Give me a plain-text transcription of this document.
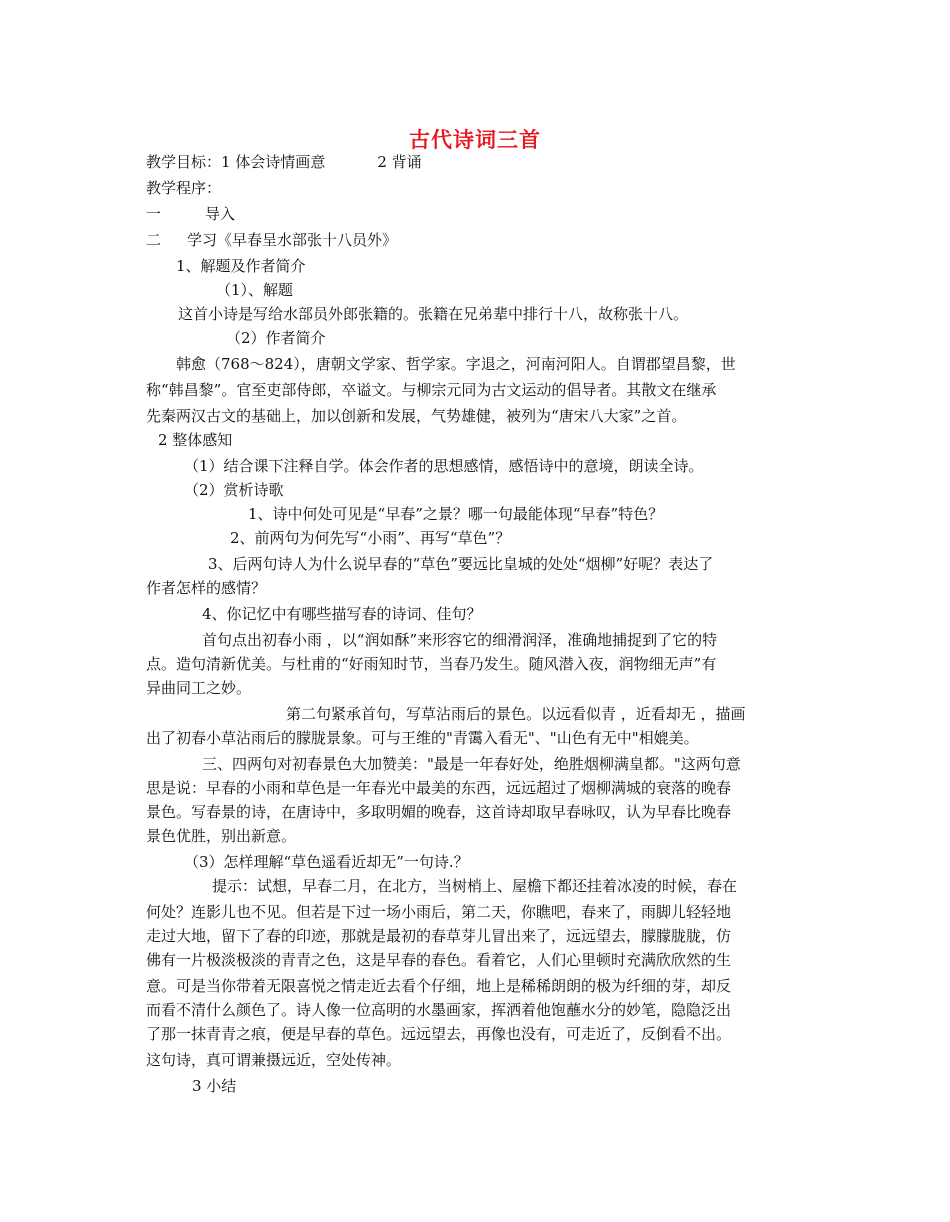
古代诗词三首
教学目标：1 体会诗情画意	2 背诵
教学程序：
一	导入
二 学习《早春呈水部张十八员外》
1、解题及作者简介
（1）、解题
这首小诗是写给水部员外郎张籍的。张籍在兄弟辈中排行十八，故称张十八。
（2）作者简介
韩愈（768～824），唐朝文学家、哲学家。字退之，河南河阳人。自谓郡望昌黎，世
称“韩昌黎”。官至吏部侍郎，卒谥文。与柳宗元同为古文运动的倡导者。其散文在继承
先秦两汉古文的基础上，加以创新和发展，气势雄健，被列为“唐宋八大家”之首。
2 整体感知
（1）结合课下注释自学。体会作者的思想感情，感悟诗中的意境，朗读全诗。
（2）赏析诗歌
1、诗中何处可见是“早春”之景？哪一句最能体现“早春”特色？
2、前两句为何先写“小雨”、再写“草色”？
3、后两句诗人为什么说早春的“草色”要远比皇城的处处“烟柳”好呢？表达了
作者怎样的感情？
4、你记忆中有哪些描写春的诗词、佳句？
首句点出初春小雨 ，以“润如酥”来形容它的细滑润泽，准确地捕捉到了它的特
点。造句清新优美。与杜甫的“好雨知时节，当春乃发生。随风潜入夜，润物细无声”有
异曲同工之妙。
第二句紧承首句，写草沾雨后的景色。以远看似青 ，近看却无 ，描画
出了初春小草沾雨后的朦胧景象。可与王维的"青霭入看无"、"山色有无中"相媲美。
三、四两句对初春景色大加赞美："最是一年春好处，绝胜烟柳满皇都。"这两句意
思是说：早春的小雨和草色是一年春光中最美的东西，远远超过了烟柳满城的衰落的晚春
景色。写春景的诗，在唐诗中，多取明媚的晚春，这首诗却取早春咏叹，认为早春比晚春
景色优胜，别出新意。
（3）怎样理解“草色遥看近却无”一句诗.？
提示：试想，早春二月，在北方，当树梢上、屋檐下都还挂着冰凌的时候，春在
何处？连影儿也不见。但若是下过一场小雨后，第二天，你瞧吧，春来了，雨脚儿轻轻地
走过大地，留下了春的印迹，那就是最初的春草芽儿冒出来了，远远望去，朦朦胧胧，仿
佛有一片极淡极淡的青青之色，这是早春的春色。看着它，人们心里顿时充满欣欣然的生
意。可是当你带着无限喜悦之情走近去看个仔细，地上是稀稀朗朗的极为纤细的芽，却反
而看不清什么颜色了。诗人像一位高明的水墨画家，挥洒着他饱蘸水分的妙笔，隐隐泛出
了那一抹青青之痕，便是早春的草色。远远望去，再像也没有，可走近了，反倒看不出。
这句诗，真可谓兼摄远近，空处传神。
3 小结
